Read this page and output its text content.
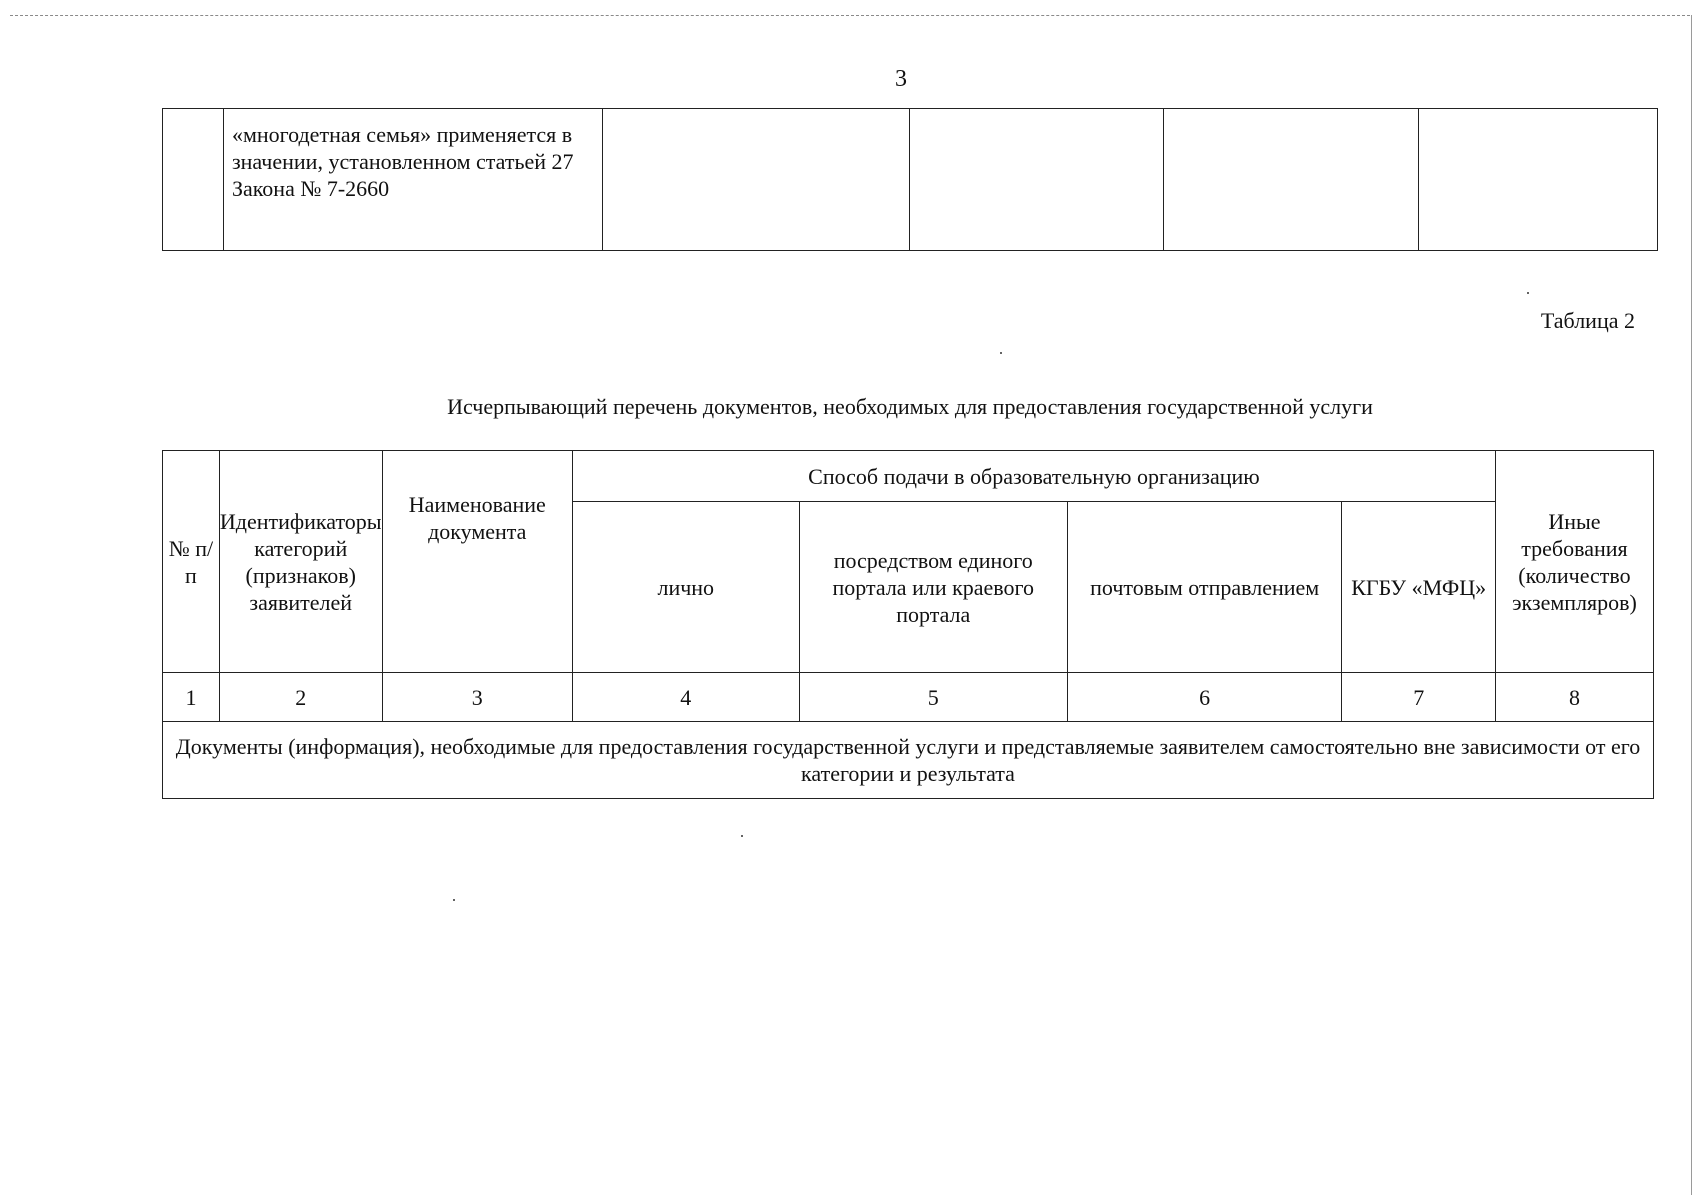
3
	«многодетная семья» применяется в значении, установленном статьей 27 Закона № 7-2660				
Таблица 2
Исчерпывающий перечень документов, необходимых для предоставления государственной услуги
№ п/п	Идентификаторы категорий (признаков) заявителей	Наименование документа	Способ подачи в образовательную организацию				Иные требования (количество экземпляров)
			лично	посредством единого портала или краевого портала	почтовым отправлением	КГБУ «МФЦ»	
1	2	3	4	5	6	7	8
Документы (информация), необходимые для предоставления государственной услуги и представляемые заявителем самостоятельно вне зависимости от его категории и результата							
